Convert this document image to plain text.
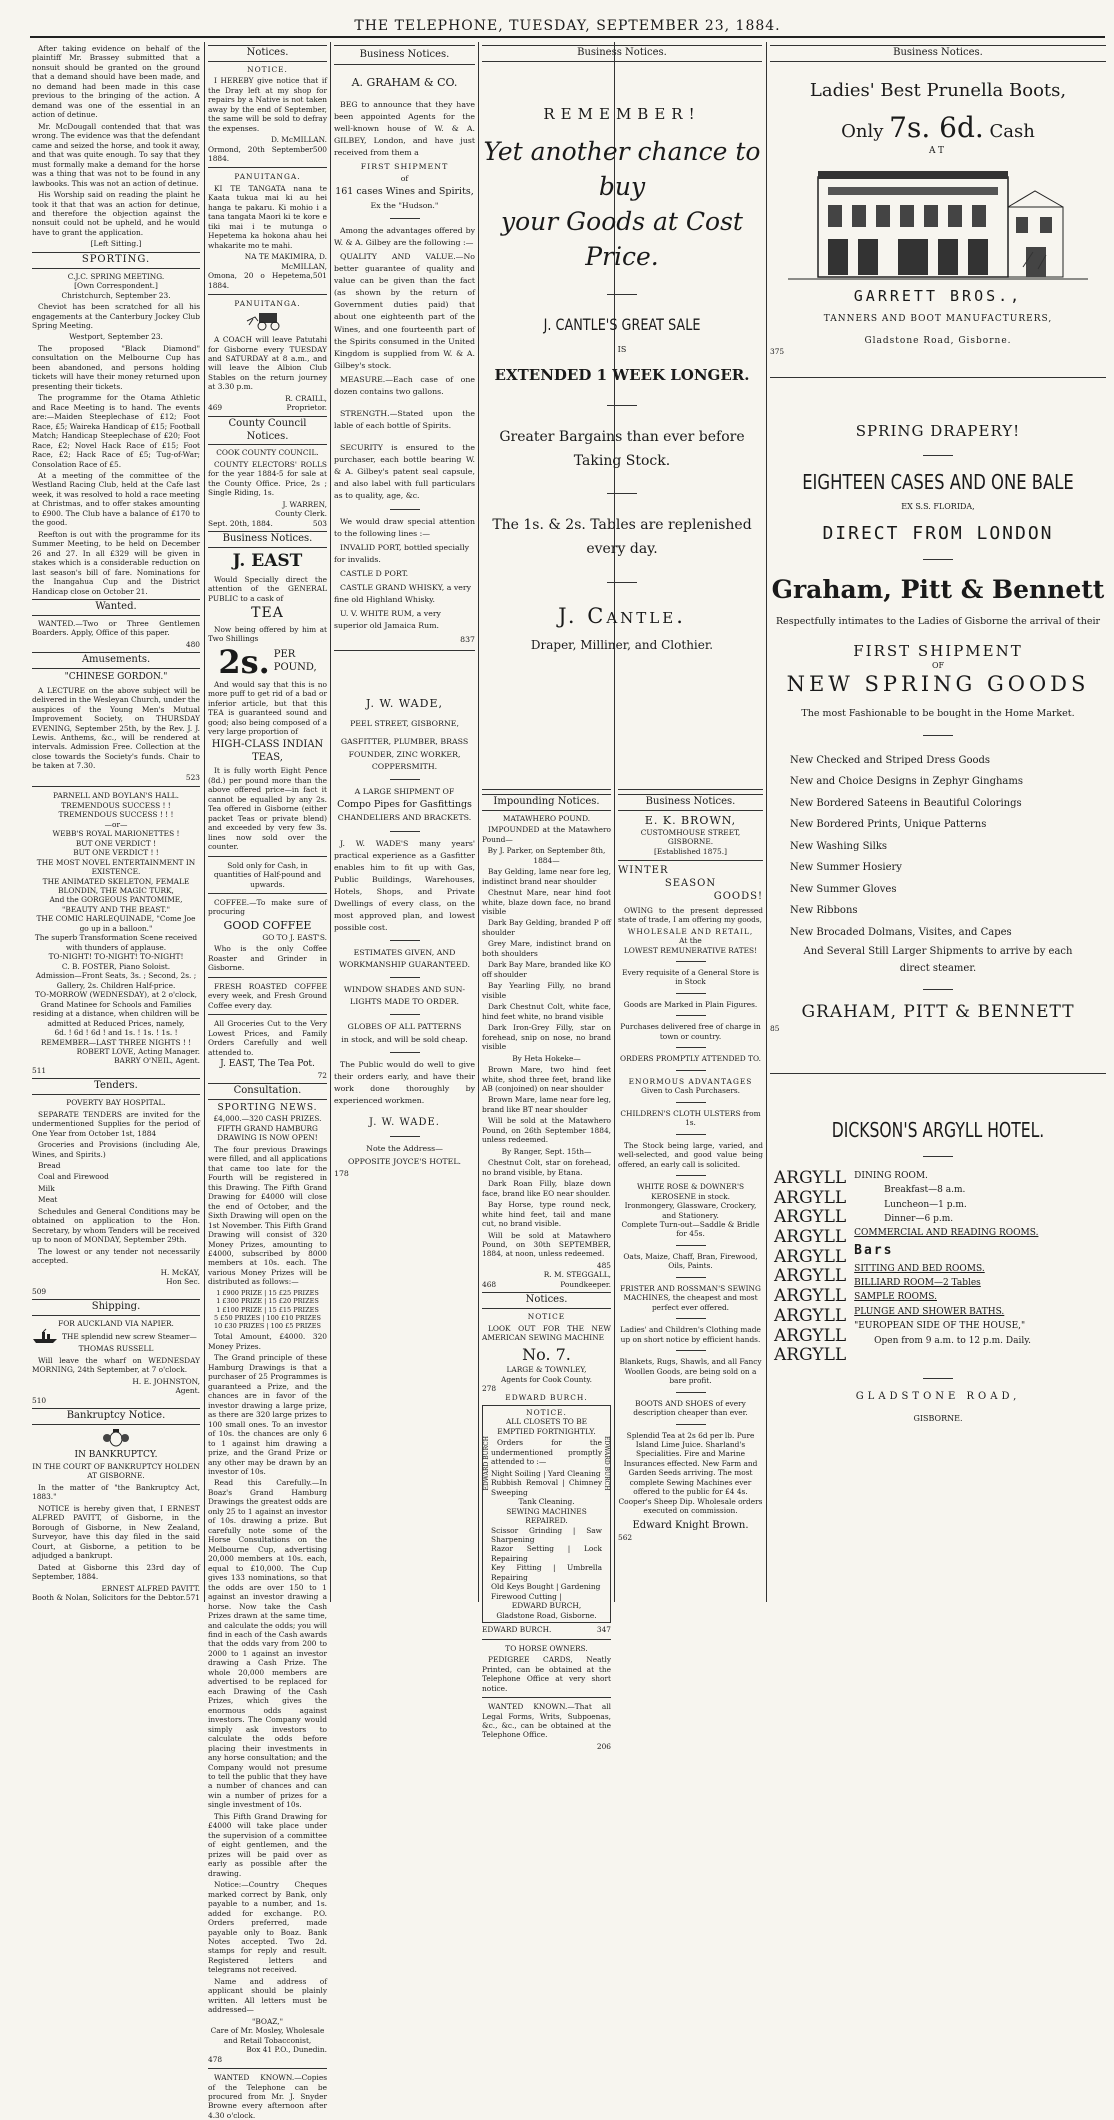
THE TELEPHONE, TUESDAY, SEPTEMBER 23, 1884.
After taking evidence on behalf of the plaintiff Mr. Brassey submitted that a nonsuit should be granted on the ground that a demand should have been made, and no demand had been made in this case previous to the bringing of the action. A demand was one of the essential in an action of detinue.
Mr. McDougall contended that that was wrong. The evidence was that the defendant came and seized the horse, and took it away, and that was quite enough. To say that they must formally make a demand for the horse was a thing that was not to be found in any lawbooks. This was not an action of detinue.
His Worship said on reading the plaint he took it that that was an action for detinue, and therefore the objection against the nonsuit could not be upheld, and he would have to grant the application.
[Left Sitting.]
SPORTING.
C.J.C. SPRING MEETING.
[Own Correspondent.]
Christchurch, September 23.
Cheviot has been scratched for all his engagements at the Canterbury Jockey Club Spring Meeting.
Westport, September 23.
The proposed "Black Diamond" consultation on the Melbourne Cup has been abandoned, and persons holding tickets will have their money returned upon presenting their tickets.
The programme for the Otama Athletic and Race Meeting is to hand. The events are:—Maiden Steeplechase of £12; Foot Race, £5; Waireka Handicap of £15; Football Match; Handicap Steeplechase of £20; Foot Race, £2; Novel Hack Race of £15; Foot Race, £2; Hack Race of £5; Tug-of-War; Consolation Race of £5.
At a meeting of the committee of the Westland Racing Club, held at the Cafe last week, it was resolved to hold a race meeting at Christmas, and to offer stakes amounting to £900. The Club have a balance of £170 to the good.
Reefton is out with the programme for its Summer Meeting, to be held on December 26 and 27. In all £329 will be given in stakes which is a considerable reduction on last season's bill of fare. Nominations for the Inangahua Cup and the District Handicap close on October 21.
Wanted.
WANTED.—Two or Three Gentlemen Boarders. Apply, Office of this paper.
480
Amusements.
"CHINESE GORDON."
A LECTURE on the above subject will be delivered in the Wesleyan Church, under the auspices of the Young Men's Mutual Improvement Society, on THURSDAY EVENING, September 25th, by the Rev. J. J. Lewis. Anthems, &c., will be rendered at intervals. Admission Free. Collection at the close towards the Society's funds. Chair to be taken at 7.30.
523
PARNELL AND BOYLAN'S HALL.
TREMENDOUS SUCCESS ! !
TREMENDOUS SUCCESS ! ! !
—or—
WEBB'S ROYAL MARIONETTES !
BUT ONE VERDICT !
BUT ONE VERDICT ! !
THE MOST NOVEL ENTERTAINMENT IN EXISTENCE.
THE ANIMATED SKELETON, FEMALE BLONDIN, THE MAGIC TURK,
And the GORGEOUS PANTOMIME, "BEAUTY AND THE BEAST."
THE COMIC HARLEQUINADE, "Come Joe go up in a balloon."
The superb Transformation Scene received with thunders of applause.
TO-NIGHT! TO-NIGHT! TO-NIGHT!
C. B. FOSTER, Piano Soloist.
Admission—Front Seats, 3s. ; Second, 2s. ; Gallery, 2s. Children Half-price.
TO-MORROW (WEDNESDAY), at 2 o'clock, Grand Matinee for Schools and Families residing at a distance, when children will be admitted at Reduced Prices, namely,
6d. ! 6d ! 6d ! and 1s. ! 1s. ! 1s. !
REMEMBER—LAST THREE NIGHTS ! !
ROBERT LOVE, Acting Manager.
BARRY O'NEIL, Agent.
511
Tenders.
POVERTY BAY HOSPITAL.
SEPARATE TENDERS are invited for the undermentioned Supplies for the period of One Year from October 1st, 1884
Groceries and Provisions (including Ale, Wines, and Spirits.)
Bread
Coal and Firewood
Milk
Meat
Schedules and General Conditions may be obtained on application to the Hon. Secretary, by whom Tenders will be received up to noon of MONDAY, September 29th.
The lowest or any tender not necessarily accepted.
H. McKAY,
Hon Sec.
509
Shipping.
FOR AUCKLAND VIA NAPIER.
THE splendid new screw Steamer—
THOMAS RUSSELL
Will leave the wharf on WEDNESDAY MORNING, 24th September, at 7 o'clock.
H. E. JOHNSTON,
Agent.
510
Bankruptcy Notice.
IN BANKRUPTCY.
IN THE COURT OF BANKRUPTCY HOLDEN AT GISBORNE.
In the matter of "the Bankruptcy Act, 1883."
NOTICE is hereby given that, I ERNEST ALFRED PAVITT, of Gisborne, in the Borough of Gisborne, in New Zealand, Surveyor, have this day filed in the said Court, at Gisborne, a petition to be adjudged a bankrupt.
Dated at Gisborne this 23rd day of September, 1884.
ERNEST ALFRED PAVITT.
Booth & Nolan, Solicitors for the Debtor. 571
Notices.
NOTICE.
I HEREBY give notice that if the Dray left at my shop for repairs by a Native is not taken away by the end of September, the same will be sold to defray the expenses.
D. McMILLAN.
Ormond, 20th September 1884.
500
PANUITANGA.
KI TE TANGATA nana te Kaata tukua mai ki au hei hanga te pakaru. Ki mohio i a tana tangata Maori ki te kore e tiki mai i te mutunga o Hepetema ka hokona ahau hei whakarite mo te mahi.
NA TE MAKIMIRA, D. McMILLAN,
Omona, 20 o Hepetema, 1884.
501
PANUITANGA.
A COACH will leave Patutahi for Gisborne every TUESDAY and SATURDAY at 8 a.m., and will leave the Albion Club Stables on the return journey at 3.30 p.m.
R. CRAILL,
469	Proprietor.
County Council Notices.
COOK COUNTY COUNCIL.
COUNTY ELECTORS' ROLLS for the year 1884-5 for sale at the County Office. Price, 2s ; Single Riding, 1s.
J. WARREN,
County Clerk.
Sept. 20th, 1884.	503
Business Notices.
J. EAST
Would Specially direct the attention of the GENERAL PUBLIC to a cask of
TEA
Now being offered by him at Two Shillings
2s. PER
POUND,
And would say that this is no more puff to get rid of a bad or inferior article, but that this TEA is guaranteed sound and good; also being composed of a very large proportion of
HIGH-CLASS INDIAN TEAS,
It is fully worth Eight Pence (8d.) per pound more than the above offered price—in fact it cannot be equalled by any 2s. Tea offered in Gisborne (either packet Teas or private blend) and exceeded by very few 3s. lines now sold over the counter.
Sold only for Cash, in quantities of Half-pound and upwards.
COFFEE.—To make sure of procuring
GOOD COFFEE
GO TO J. EAST'S.
Who is the only Coffee Roaster and Grinder in Gisborne.
FRESH ROASTED COFFEE every week, and Fresh Ground Coffee every day.
All Groceries Cut to the Very Lowest Prices, and Family Orders Carefully and well attended to.
J. EAST, The Tea Pot.
72
Consultation.
SPORTING NEWS.
£4,000.—320 CASH PRIZES.
FIFTH GRAND HAMBURG DRAWING IS NOW OPEN!
The four previous Drawings were filled, and all applications that came too late for the Fourth will be registered in this Drawing. The Fifth Grand Drawing for £4000 will close the end of October, and the Sixth Drawing will open on the 1st November. This Fifth Grand Drawing will consist of 320 Money Prizes, amounting to £4000, subscribed by 8000 members at 10s. each. The various Money Prizes will be distributed as follows:—
1 £900 PRIZE | 15 £25 PRIZES
1 £300 PRIZE | 15 £20 PRIZES
1 £100 PRIZE | 15 £15 PRIZES
5 £50 PRIZES | 100 £10 PRIZES
10 £30 PRIZES | 100 £5 PRIZES
Total Amount, £4000. 320 Money Prizes.
The Grand principle of these Hamburg Drawings is that a purchaser of 25 Programmes is guaranteed a Prize, and the chances are in favor of the investor drawing a large prize, as there are 320 large prizes to 100 small ones. To an investor of 10s. the chances are only 6 to 1 against him drawing a prize, and the Grand Prize or any other may be drawn by an investor of 10s.
Read this Carefully.—In Boaz's Grand Hamburg Drawings the greatest odds are only 25 to 1 against an investor of 10s. drawing a prize. But carefully note some of the Horse Consultations on the Melbourne Cup, advertising 20,000 members at 10s. each, equal to £10,000. The Cup gives 133 nominations, so that the odds are over 150 to 1 against an investor drawing a horse. Now take the Cash Prizes drawn at the same time, and calculate the odds; you will find in each of the Cash awards that the odds vary from 200 to 2000 to 1 against an investor drawing a Cash Prize. The whole 20,000 members are advertised to be replaced for each Drawing of the Cash Prizes, which gives the enormous odds against investors. The Company would simply ask investors to calculate the odds before placing their investments in any horse consultation; and the Company would not presume to tell the public that they have a number of chances and can win a number of prizes for a single investment of 10s.
This Fifth Grand Drawing for £4000 will take place under the supervision of a committee of eight gentlemen, and the prizes will be paid over as early as possible after the drawing.
Notice:—Country Cheques marked correct by Bank, only payable to a number, and 1s. added for exchange. P.O. Orders preferred, made payable only to Boaz. Bank Notes accepted. Two 2d. stamps for reply and result. Registered letters and telegrams not received.
Name and address of applicant should be plainly written. All letters must be addressed—
"BOAZ,"
Care of Mr. Mosley, Wholesale and Retail Tobacconist,
Box 41 P.O., Dunedin.
478
WANTED KNOWN.—Copies of the Telephone can be procured from Mr. J. Snyder Browne every afternoon after 4.30 o'clock.
Business Notices.
A. GRAHAM & CO.
BEG to announce that they have been appointed Agents for the well-known house of W. & A. GILBEY, London, and have just received from them a
FIRST SHIPMENT
of
161 cases Wines and Spirits,
Ex the "Hudson."
Among the advantages offered by W. & A. Gilbey are the following :—
QUALITY AND VALUE.—No better guarantee of quality and value can be given than the fact (as shown by the return of Government duties paid) that about one eighteenth part of the Wines, and one fourteenth part of the Spirits consumed in the United Kingdom is supplied from W. & A. Gilbey's stock.
MEASURE.—Each case of one dozen contains two gallons.
STRENGTH.—Stated upon the lable of each bottle of Spirits.
SECURITY is ensured to the purchaser, each bottle bearing W. & A. Gilbey's patent seal capsule, and also label with full particulars as to quality, age, &c.
We would draw special attention to the following lines :—
INVALID PORT, bottled specially for invalids.
CASTLE D PORT.
CASTLE GRAND WHISKY, a very fine old Highland Whisky.
U. V. WHITE RUM, a very superior old Jamaica Rum.
837
J. W. WADE,
PEEL STREET, GISBORNE,
GASFITTER, PLUMBER, BRASS FOUNDER, ZINC WORKER, COPPERSMITH.
A LARGE SHIPMENT OF
Compo Pipes for Gasfittings
CHANDELIERS AND BRACKETS.
J. W. WADE'S many years' practical experience as a Gasfitter enables him to fit up with Gas, Public Buildings, Warehouses, Hotels, Shops, and Private Dwellings of every class, on the most approved plan, and lowest possible cost.
ESTIMATES GIVEN, AND WORKMANSHIP GUARANTEED.
WINDOW SHADES AND SUN-LIGHTS MADE TO ORDER.
GLOBES OF ALL PATTERNS
in stock, and will be sold cheap.
The Public would do well to give their orders early, and have their work done thoroughly by experienced workmen.
J. W. WADE.
Note the Address—
OPPOSITE JOYCE'S HOTEL.
178
Business Notices.
REMEMBER!
Yet another chance to buy
your Goods at Cost Price.
J. CANTLE'S GREAT SALE
IS
EXTENDED 1 WEEK LONGER.
Greater Bargains than ever before Taking Stock.
The 1s. & 2s. Tables are replenished every day.
J. Cantle.
Draper, Milliner, and Clothier.
Impounding Notices.
MATAWHERO POUND.
IMPOUNDED at the Matawhero Pound—
By J. Parker, on September 8th, 1884—
Bay Gelding, lame near fore leg, indistinct brand near shoulder
Chestnut Mare, near hind foot white, blaze down face, no brand visible
Dark Bay Gelding, branded P off shoulder
Grey Mare, indistinct brand on both shoulders
Dark Bay Mare, branded like KO off shoulder
Bay Yearling Filly, no brand visible
Dark Chestnut Colt, white face, hind feet white, no brand visible
Dark Iron-Grey Filly, star on forehead, snip on nose, no brand visible
By Heta Hokeke—
Brown Mare, two hind feet white, shod three feet, brand like AB (conjoined) on near shoulder
Brown Mare, lame near fore leg, brand like BT near shoulder
Will be sold at the Matawhero Pound, on 26th September 1884, unless redeemed.
By Ranger, Sept. 15th—
Chestnut Colt, star on forehead, no brand visible, by Etana.
Dark Roan Filly, blaze down face, brand like EO near shoulder.
Bay Horse, type round neck, white hind feet, tail and mane cut, no brand visible.
Will be sold at Matawhero Pound, on 30th SEPTEMBER, 1884, at noon, unless redeemed.
485
R. M. STEGGALL,
468	Poundkeeper.
Notices.
NOTICE
LOOK OUT FOR THE NEW AMERICAN SEWING MACHINE
No. 7.
LARGE & TOWNLEY,
Agents for Cook County.
278
EDWARD BURCH.
NOTICE.
ALL CLOSETS TO BE EMPTIED FORTNIGHTLY.
Orders for the undermentioned promptly attended to :—
Night Soiling | Yard Cleaning
Rubbish Removal | Chimney Sweeping
Tank Cleaning.
SEWING MACHINES REPAIRED.
Scissor Grinding | Saw Sharpening
Razor Setting | Lock Repairing
Key Fitting | Umbrella Repairing
Old Keys Bought | Gardening
Firewood Cutting |
EDWARD BURCH,
Gladstone Road, Gisborne.
EDWARD BURCH	EDWARD BURCH
EDWARD BURCH.	347
TO HORSE OWNERS.
PEDIGREE CARDS, Neatly Printed, can be obtained at the Telephone Office at very short notice.
WANTED KNOWN.—That all Legal Forms, Writs, Subpoenas, &c., &c., can be obtained at the Telephone Office.
206
Business Notices.
E. K. BROWN,
CUSTOMHOUSE STREET, GISBORNE.
[Established 1875.]
WINTER
SEASON
GOODS!
OWING to the present depressed state of trade, I am offering my goods,
WHOLESALE AND RETAIL,
At the
LOWEST REMUNERATIVE RATES!
Every requisite of a General Store is in Stock
Goods are Marked in Plain Figures.
Purchases delivered free of charge in town or country.
ORDERS PROMPTLY ATTENDED TO.
ENORMOUS ADVANTAGES
Given to Cash Purchasers.
CHILDREN'S CLOTH ULSTERS from 1s.
The Stock being large, varied, and well-selected, and good value being offered, an early call is solicited.
WHITE ROSE & DOWNER'S KEROSENE in stock.
Ironmongery, Glassware, Crockery, and Stationery.
Complete Turn-out—Saddle & Bridle for 45s.
Oats, Maize, Chaff, Bran, Firewood, Oils, Paints.
FRISTER AND ROSSMAN'S SEWING MACHINES, the cheapest and most perfect ever offered.
Ladies' and Children's Clothing made up on short notice by efficient hands.
Blankets, Rugs, Shawls, and all Fancy Woollen Goods, are being sold on a bare profit.
BOOTS AND SHOES of every description cheaper than ever.
Splendid Tea at 2s 6d per lb. Pure Island Lime Juice. Sharland's Specialities. Fire and Marine Insurances effected. New Farm and Garden Seeds arriving. The most complete Sewing Machines ever offered to the public for £4 4s. Cooper's Sheep Dip. Wholesale orders executed on commission.
Edward Knight Brown.
562
Business Notices.
Ladies' Best Prunella Boots,
Only 7s. 6d. Cash
AT
GARRETT BROS.,
TANNERS AND BOOT MANUFACTURERS,
Gladstone Road, Gisborne.
375
SPRING DRAPERY!
EIGHTEEN CASES AND ONE BALE
EX S.S. FLORIDA,
DIRECT FROM LONDON
Graham, Pitt & Bennett
Respectfully intimates to the Ladies of Gisborne the arrival of their
FIRST SHIPMENT
OF
NEW SPRING GOODS
The most Fashionable to be bought in the Home Market.
New Checked and Striped Dress Goods
New and Choice Designs in Zephyr Ginghams
New Bordered Sateens in Beautiful Colorings
New Bordered Prints, Unique Patterns
New Washing Silks
New Summer Hosiery
New Summer Gloves
New Ribbons
New Brocaded Dolmans, Visites, and Capes
And Several Still Larger Shipments to arrive by each direct steamer.
GRAHAM, PITT & BENNETT
85
DICKSON'S ARGYLL HOTEL.
ARGYLL
ARGYLL
ARGYLL
ARGYLL
ARGYLL
ARGYLL
ARGYLL
ARGYLL
ARGYLL
ARGYLL
DINING ROOM.
Breakfast—8 a.m.
Luncheon—1 p.m.
Dinner—6 p.m.
COMMERCIAL AND READING ROOMS.
Bars
SITTING AND BED ROOMS.
BILLIARD ROOM—2 Tables
SAMPLE ROOMS.
PLUNGE AND SHOWER BATHS.
"EUROPEAN SIDE OF THE HOUSE,"
Open from 9 a.m. to 12 p.m. Daily.
GLADSTONE ROAD,
GISBORNE.
